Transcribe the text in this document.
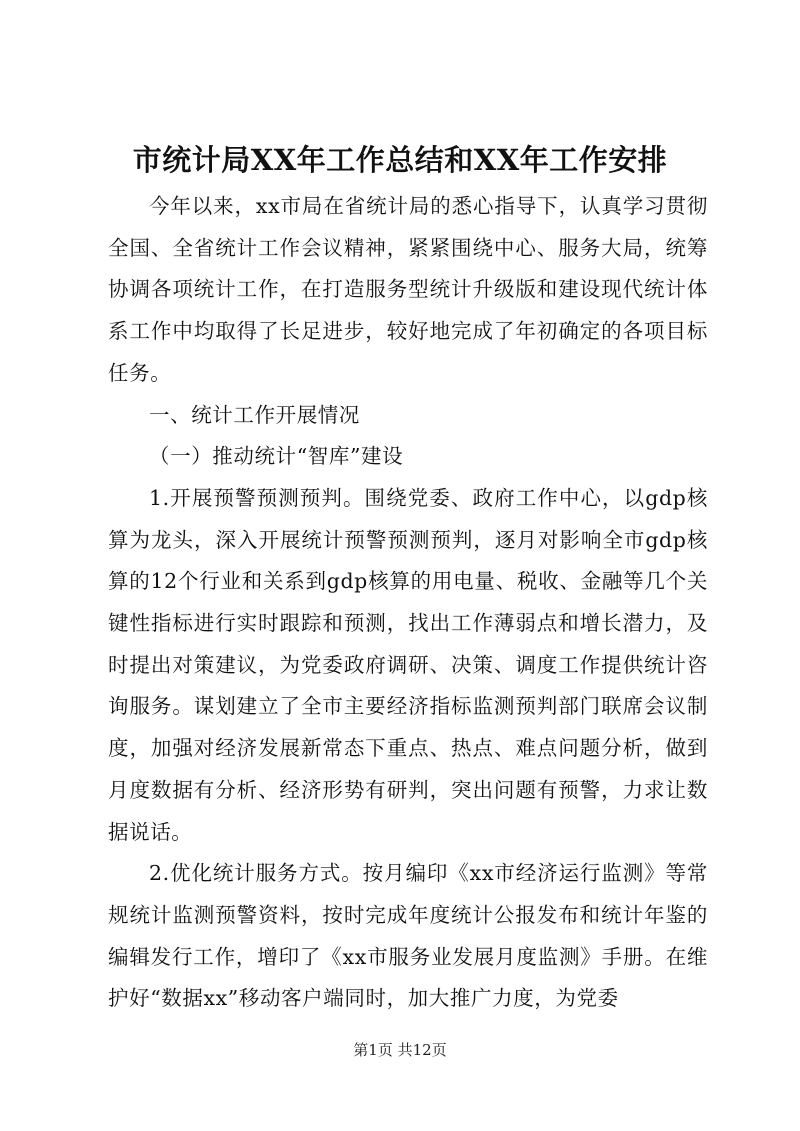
市统计局XX年工作总结和XX年工作安排

今年以来，xx市局在省统计局的悉心指导下，认真学习贯彻全国、全省统计工作会议精神，紧紧围绕中心、服务大局，统筹协调各项统计工作，在打造服务型统计升级版和建设现代统计体系工作中均取得了长足进步，较好地完成了年初确定的各项目标任务。

一、统计工作开展情况

（一）推动统计“智库”建设

1.开展预警预测预判。围绕党委、政府工作中心，以gdp核算为龙头，深入开展统计预警预测预判，逐月对影响全市gdp核算的12个行业和关系到gdp核算的用电量、税收、金融等几个关键性指标进行实时跟踪和预测，找出工作薄弱点和增长潜力，及时提出对策建议，为党委政府调研、决策、调度工作提供统计咨询服务。谋划建立了全市主要经济指标监测预判部门联席会议制度，加强对经济发展新常态下重点、热点、难点问题分析，做到月度数据有分析、经济形势有研判，突出问题有预警，力求让数据说话。

2.优化统计服务方式。按月编印《xx市经济运行监测》等常规统计监测预警资料，按时完成年度统计公报发布和统计年鉴的编辑发行工作，增印了《xx市服务业发展月度监测》手册。在维护好“数据xx”移动客户端同时，加大推广力度，为党委

第1页 共12页
